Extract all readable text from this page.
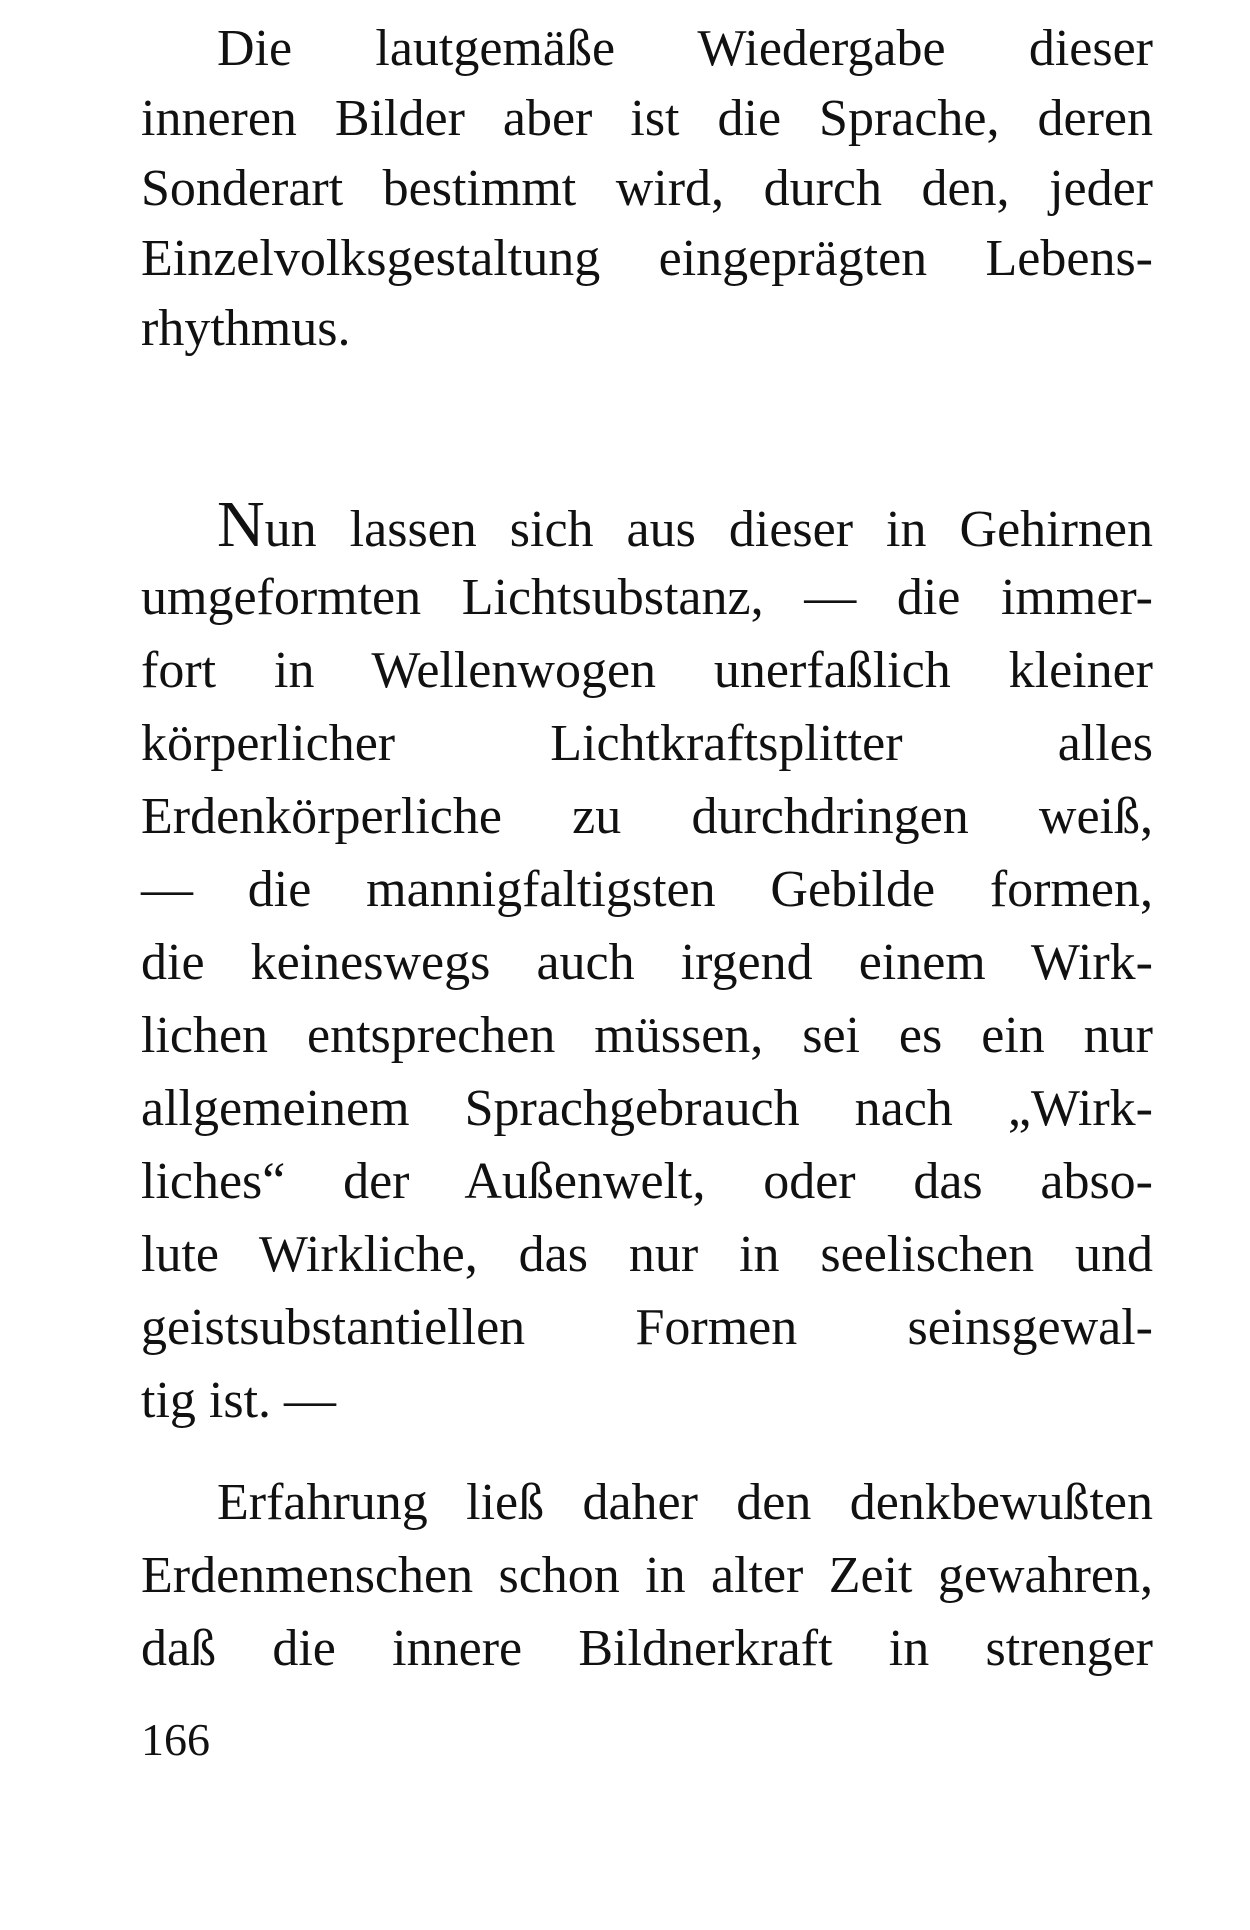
Die lautgemäße Wiedergabe dieser
inneren Bilder aber ist die Sprache, deren
Sonderart bestimmt wird, durch den, jeder
Einzelvolksgestaltung eingeprägten Lebens-
rhythmus.
Nun lassen sich aus dieser in Gehirnen
umgeformten Lichtsubstanz, — die immer-
fort in Wellenwogen unerfaßlich kleiner
körperlicher Lichtkraftsplitter alles
Erdenkörperliche zu durchdringen weiß,
— die mannigfaltigsten Gebilde formen,
die keineswegs auch irgend einem Wirk-
lichen entsprechen müssen, sei es ein nur
allgemeinem Sprachgebrauch nach „Wirk-
liches“ der Außenwelt, oder das abso-
lute Wirkliche, das nur in seelischen und
geistsubstantiellen Formen seinsgewal-
tig ist. —
Erfahrung ließ daher den denkbewußten
Erdenmenschen schon in alter Zeit gewahren,
daß die innere Bildnerkraft in strenger
166
